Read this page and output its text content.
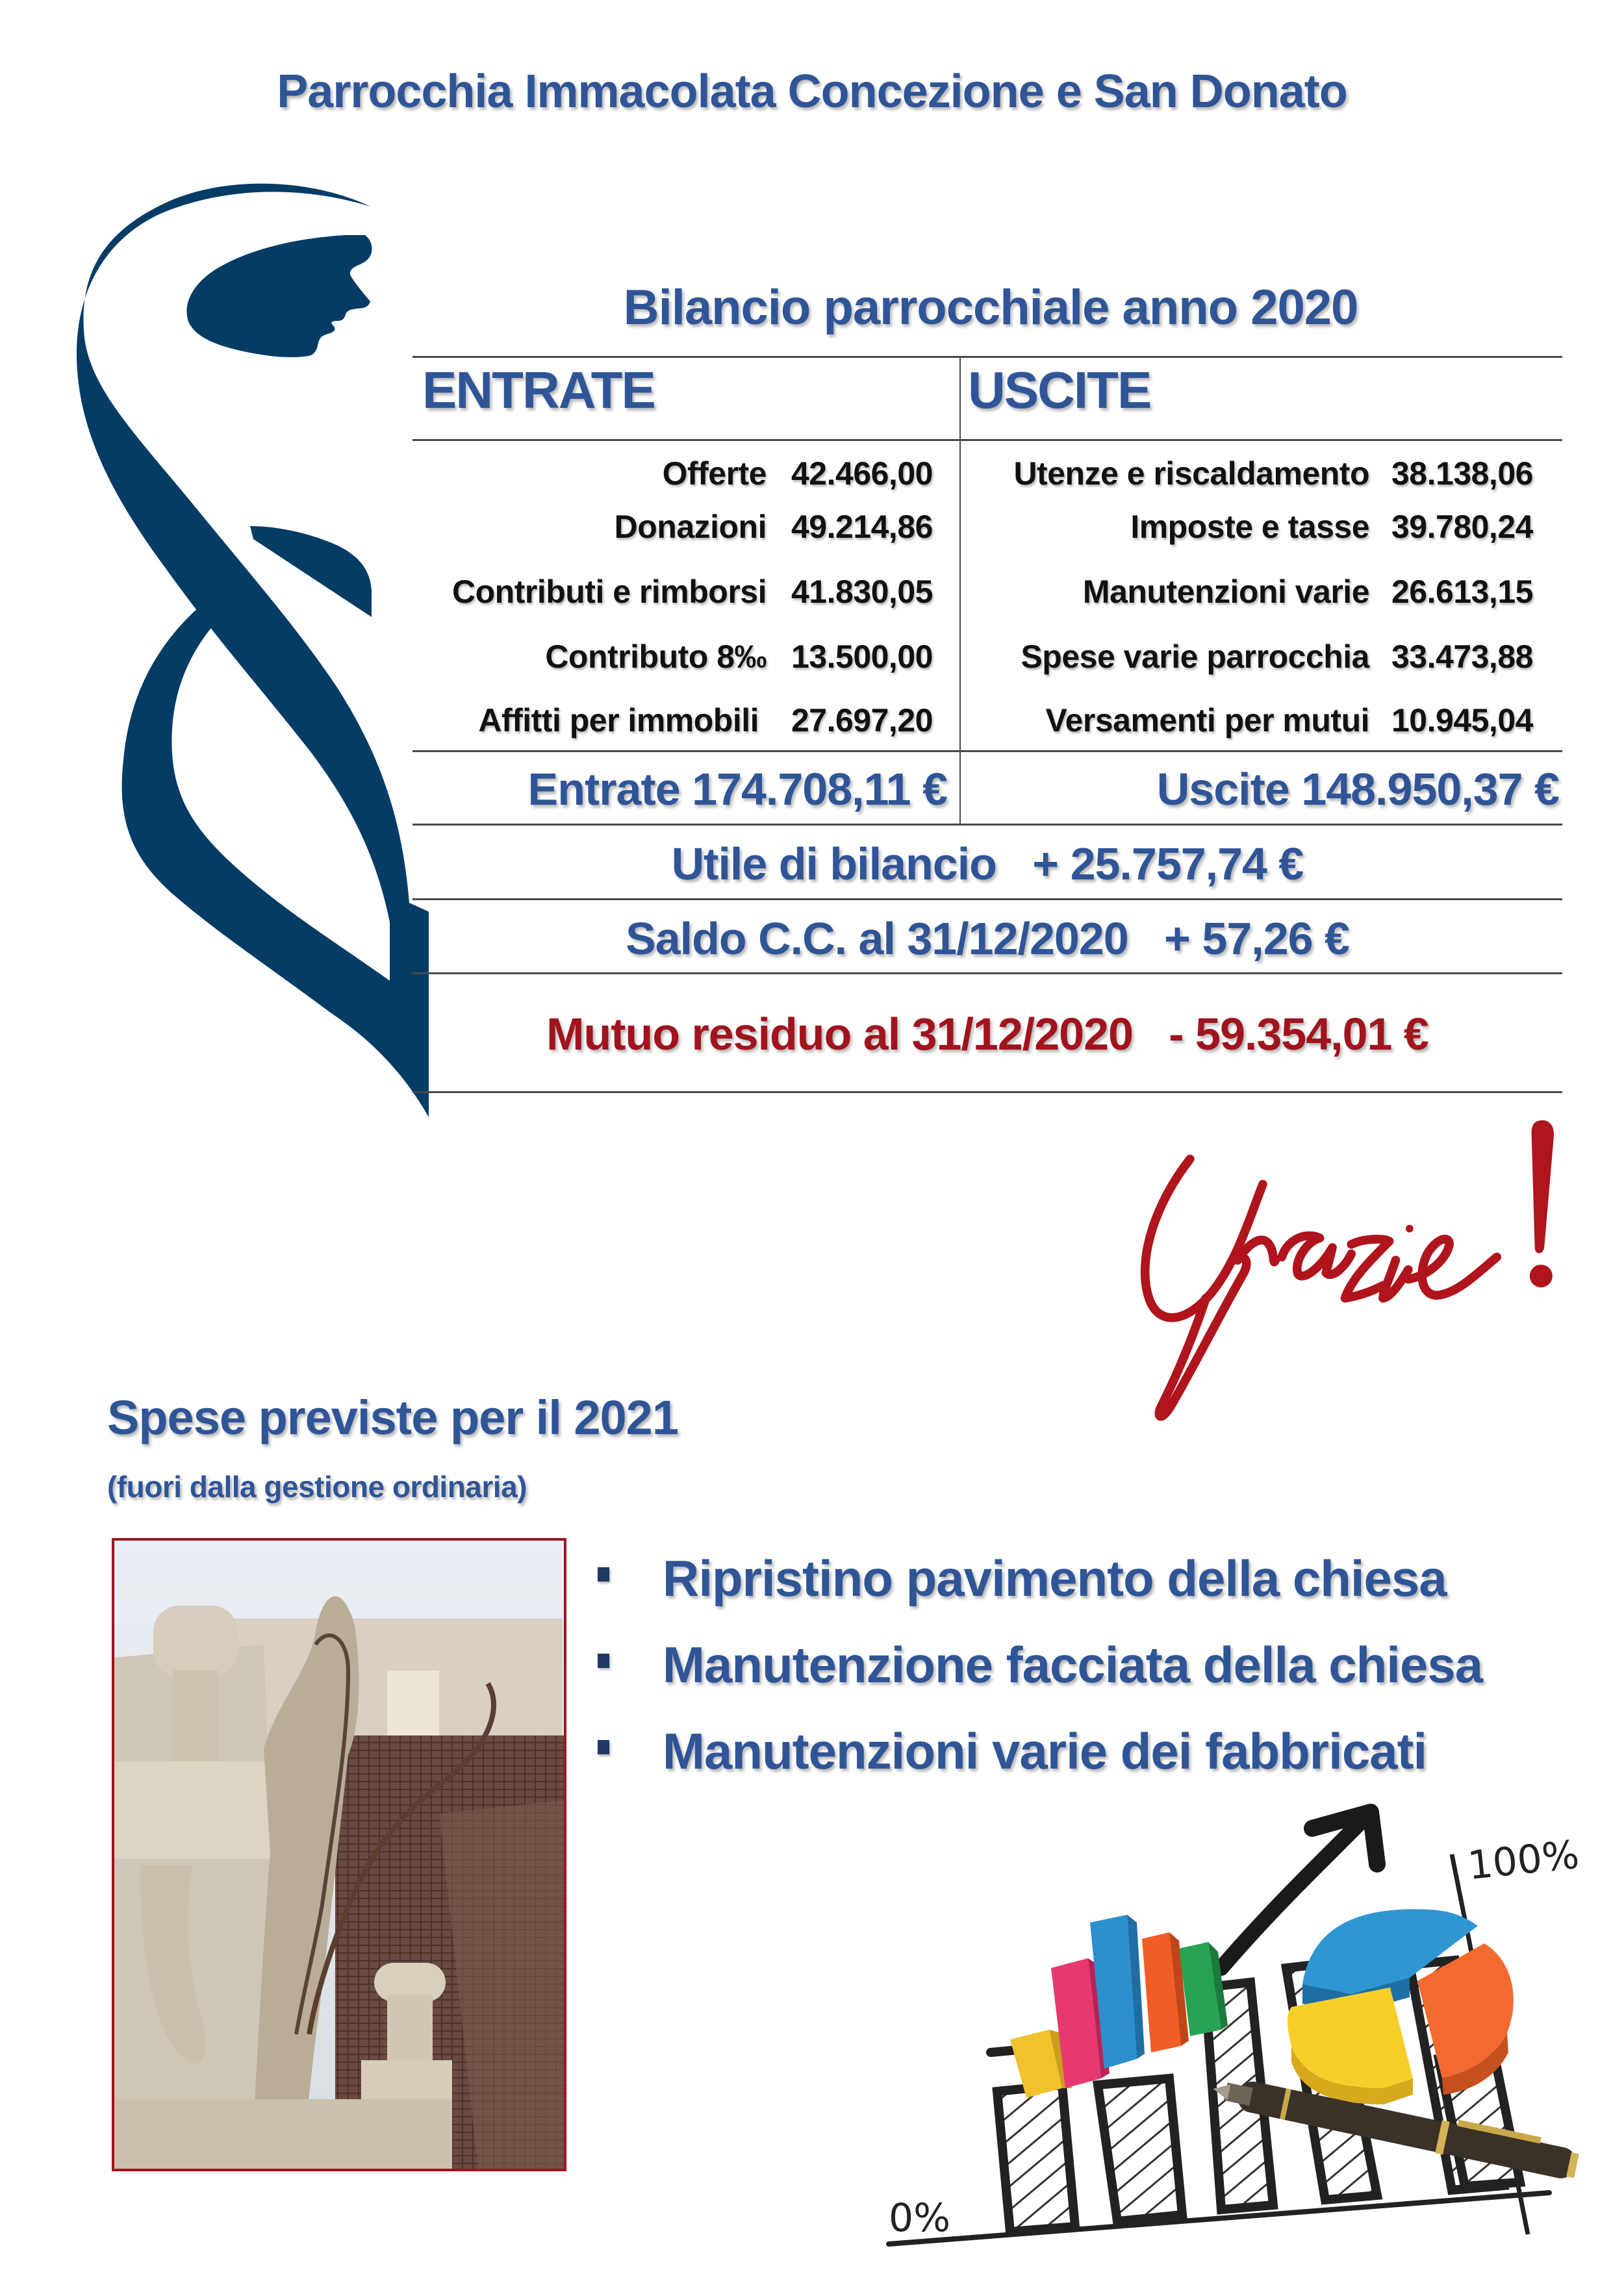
Parrocchia Immacolata Concezione e San Donato
Bilancio parrocchiale anno 2020
ENTRATE	USCITE
Offerte 42.466,00
Donazioni 49.214,86
Contributi e rimborsi 41.830,05
Contributo 8‰ 13.500,00
Affitti per immobili 27.697,20
Utenze e riscaldamento 38.138,06
Imposte e tasse 39.780,24
Manutenzioni varie 26.613,15
Spese varie parrocchia 33.473,88
Versamenti per mutui 10.945,04
Entrate 174.708,11 €	Uscite 148.950,37 €
Utile di bilancio   + 25.757,74 €
Saldo C.C. al 31/12/2020   + 57,26 €
Mutuo residuo al 31/12/2020   - 59.354,01 €
Spese previste per il 2021
(fuori dalla gestione ordinaria)
Ripristino pavimento della chiesa
Manutenzione facciata della chiesa
Manutenzioni varie dei fabbricati
0%
100%
